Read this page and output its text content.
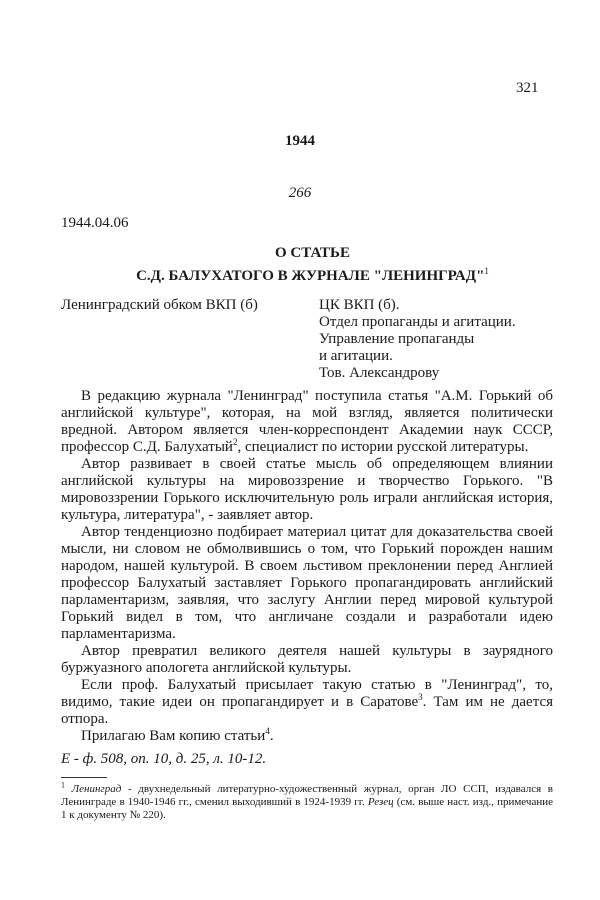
321
1944
266
1944.04.06
О СТАТЬЕ
С.Д. БАЛУХАТОГО В ЖУРНАЛЕ "ЛЕНИНГРАД"$^1$
Ленинградский обком ВКП (б)	ЦК ВКП (б).
Отдел пропаганды и агитации.
Управление пропаганды
и агитации.
Тов. Александрову

В редакцию журнала "Ленинград" поступила статья "А.М. Горький об английской культуре", которая, на мой взгляд, является политически вредной. Автором является член-корреспондент Академии наук СССР, профессор С.Д. Балухатый$^2$, специалист по истории русской литературы.

Автор развивает в своей статье мысль об определяющем влиянии английской культуры на мировоззрение и творчество Горького. "В мировоззрении Горького исключительную роль играли английская история, культура, литература", - заявляет автор.

Автор тенденциозно подбирает материал цитат для доказательства своей мысли, ни словом не обмолвившись о том, что Горький порожден нашим народом, нашей культурой. В своем льстивом преклонении перед Англией профессор Балухатый заставляет Горького пропагандировать английский парламентаризм, заявляя, что заслугу Англии перед мировой культурой Горький видел в том, что англичане создали и разработали идею парламентаризма.

Автор превратил великого деятеля нашей культуры в заурядного буржуазного апологета английской культуры.

Если проф. Балухатый присылает такую статью в "Ленинград", то, видимо, такие идеи он пропагандирует и в Саратове$^3$. Там им не дается отпора.

Прилагаю Вам копию статьи$^4$.

Е - ф. 508, оп. 10, д. 25, л. 10-12.
$^1$ Ленинград - двухнедельный литературно-художественный журнал, орган ЛО ССП, издавался в Ленинграде в 1940-1946 гг., сменил выходивший в 1924-1939 гг. Резец (см. выше наст. изд., примечание 1 к документу № 220).
